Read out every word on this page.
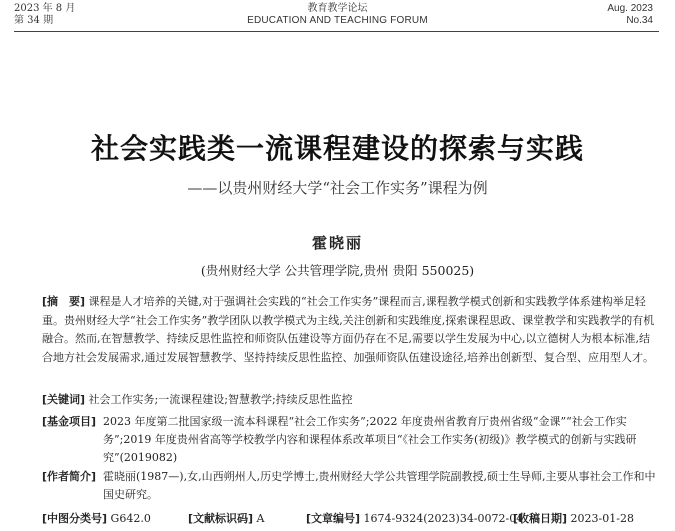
2023 年 8 月
第 34 期
教育教学论坛
EDUCATION AND TEACHING FORUM
Aug. 2023
No.34
社会实践类一流课程建设的探索与实践
——以贵州财经大学“社会工作实务”课程为例
霍晓丽
(贵州财经大学 公共管理学院,贵州 贵阳 550025)
[摘　要] 课程是人才培养的关键,对于强调社会实践的“社会工作实务”课程而言,课程教学模式创新和实践教学体系建构举足轻重。贵州财经大学“社会工作实务”教学团队以教学模式为主线,关注创新和实践维度,探索课程思政、课堂教学和实践教学的有机融合。然而,在智慧教学、持续反思性监控和师资队伍建设等方面仍存在不足,需要以学生发展为中心,以立德树人为根本标准,结合地方社会发展需求,通过发展智慧教学、坚持持续反思性监控、加强师资队伍建设途径,培养出创新型、复合型、应用型人才。
[关键词] 社会工作实务;一流课程建设;智慧教学;持续反思性监控
[基金项目] 2023 年度第二批国家级一流本科课程“社会工作实务”;2022 年度贵州省教育厅贵州省级“金课”“社会工作实务”;2019 年度贵州省高等学校教学内容和课程体系改革项目“《社会工作实务(初级)》教学模式的创新与实践研究”(2019082)
[作者简介] 霍晓丽(1987—),女,山西朔州人,历史学博士,贵州财经大学公共管理学院副教授,硕士生导师,主要从事社会工作和中国史研究。
[中图分类号] G642.0	[文献标识码] A	[文章编号] 1674-9324(2023)34-0072-04
[收稿日期] 2023-01-28
